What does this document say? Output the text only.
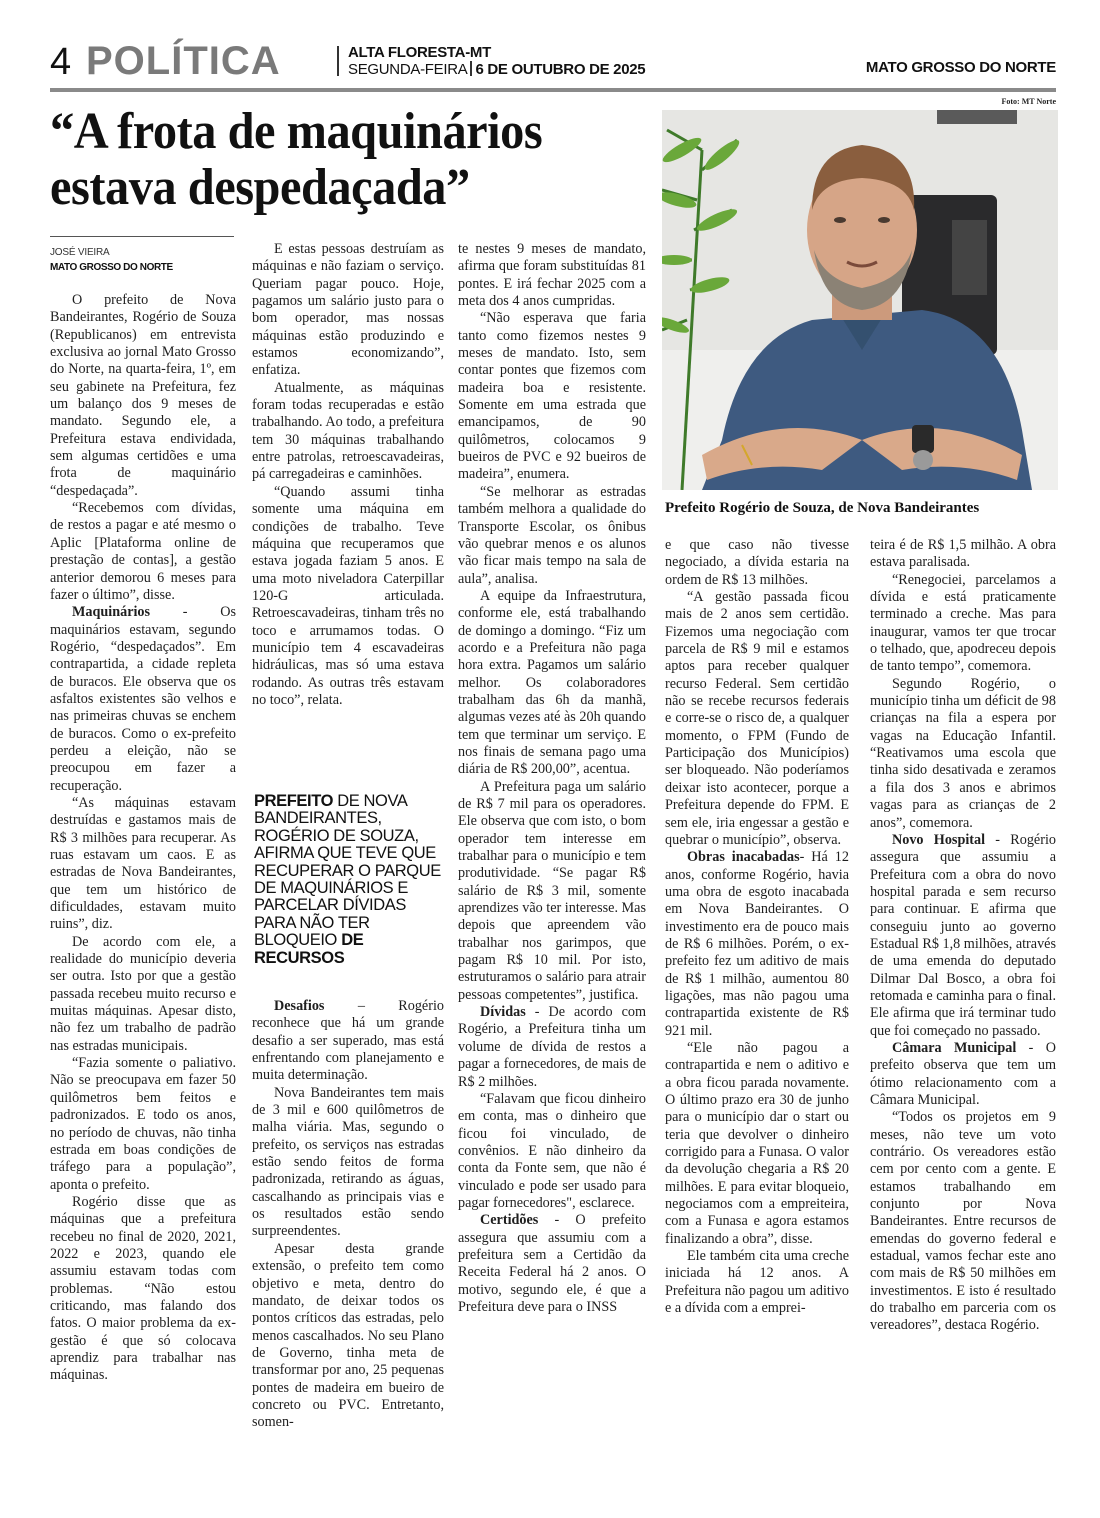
4 POLÍTICA	ALTA FLORESTA-MT
SEGUNDA-FEIRA 6 DE OUTUBRO DE 2025	MATO GROSSO DO NORTE
“A frota de maquinários
estava despedaçada”
Foto: MT Norte
Prefeito Rogério de Souza, de Nova Bandeirantes
JOSÉ VIEIRA
MATO GROSSO DO NORTE

O prefeito de Nova Bandeirantes, Rogério de Souza (Republicanos) em entrevista exclusiva ao jornal Mato Grosso do Norte, na quarta-feira, 1º, em seu gabinete na Prefeitura, fez um balanço dos 9 meses de mandato. Segundo ele, a Prefeitura estava endividada, sem algumas certidões e uma frota de maquinário “despedaçada”.

“Recebemos com dívidas, de restos a pagar e até mesmo o Aplic [Plataforma online de prestação de contas], a gestão anterior demorou 6 meses para fazer o último”, disse.

Maquinários - Os maquinários estavam, segundo Rogério, “despedaçados”. Em contrapartida, a cidade repleta de buracos. Ele observa que os asfaltos existentes são velhos e nas primeiras chuvas se enchem de buracos. Como o ex-prefeito perdeu a eleição, não se preocupou em fazer a recuperação.

“As máquinas estavam destruídas e gastamos mais de R$ 3 milhões para recuperar. As ruas estavam um caos. E as estradas de Nova Bandeirantes, que tem um histórico de dificuldades, estavam muito ruins”, diz.

De acordo com ele, a realidade do município deveria ser outra. Isto por que a gestão passada recebeu muito recurso e muitas máquinas. Apesar disto, não fez um trabalho de padrão nas estradas municipais.

“Fazia somente o paliativo. Não se preocupava em fazer 50 quilômetros bem feitos e padronizados. E todo os anos, no período de chuvas, não tinha estrada em boas condições de tráfego para a população”, aponta o prefeito.

Rogério disse que as máquinas que a prefeitura recebeu no final de 2020, 2021, 2022 e 2023, quando ele assumiu estavam todas com problemas. “Não estou criticando, mas falando dos fatos. O maior problema da ex-gestão é que só colocava aprendiz para trabalhar nas máquinas.

E estas pessoas destruíam as máquinas e não faziam o serviço. Queriam pagar pouco. Hoje, pagamos um salário justo para o bom operador, mas nossas máquinas estão produzindo e estamos economizando”, enfatiza.

Atualmente, as máquinas foram todas recuperadas e estão trabalhando. Ao todo, a prefeitura tem 30 máquinas trabalhando entre patrolas, retroescavadeiras, pá carregadeiras e caminhões.

“Quando assumi tinha somente uma máquina em condições de trabalho. Teve máquina que recuperamos que estava jogada faziam 5 anos. E uma moto niveladora Caterpillar 120-G articulada. Retroescavadeiras, tinham três no toco e arrumamos todas. O município tem 4 escavadeiras hidráulicas, mas só uma estava rodando. As outras três estavam no toco”, relata.

PREFEITO DE NOVA BANDEIRANTES, ROGÉRIO DE SOUZA, AFIRMA QUE TEVE QUE RECUPERAR O PARQUE DE MAQUINÁRIOS E PARCELAR DÍVIDAS PARA NÃO TER BLOQUEIO DE RECURSOS

Desafios – Rogério reconhece que há um grande desafio a ser superado, mas está enfrentando com planejamento e muita determinação.

Nova Bandeirantes tem mais de 3 mil e 600 quilômetros de malha viária. Mas, segundo o prefeito, os serviços nas estradas estão sendo feitos de forma padronizada, retirando as águas, cascalhando as principais vias e os resultados estão sendo surpreendentes.

Apesar desta grande extensão, o prefeito tem como objetivo e meta, dentro do mandato, de deixar todos os pontos críticos das estradas, pelo menos cascalhados. No seu Plano de Governo, tinha meta de transformar por ano, 25 pequenas pontes de madeira em bueiro de concreto ou PVC. Entretanto, somen-

te nestes 9 meses de mandato, afirma que foram substituídas 81 pontes. E irá fechar 2025 com a meta dos 4 anos cumpridas.

“Não esperava que faria tanto como fizemos nestes 9 meses de mandato. Isto, sem contar pontes que fizemos com madeira boa e resistente. Somente em uma estrada que emancipamos, de 90 quilômetros, colocamos 9 bueiros de PVC e 92 bueiros de madeira”, enumera.

“Se melhorar as estradas também melhora a qualidade do Transporte Escolar, os ônibus vão quebrar menos e os alunos vão ficar mais tempo na sala de aula”, analisa.

A equipe da Infraestrutura, conforme ele, está trabalhando de domingo a domingo. “Fiz um acordo e a Prefeitura não paga hora extra. Pagamos um salário melhor. Os colaboradores trabalham das 6h da manhã, algumas vezes até às 20h quando tem que terminar um serviço. E nos finais de semana pago uma diária de R$ 200,00”, acentua.

A Prefeitura paga um salário de R$ 7 mil para os operadores. Ele observa que com isto, o bom operador tem interesse em trabalhar para o município e tem produtividade. “Se pagar R$ salário de R$ 3 mil, somente aprendizes vão ter interesse. Mas depois que apreendem vão trabalhar nos garimpos, que pagam R$ 10 mil. Por isto, estruturamos o salário para atrair pessoas competentes”, justifica.

Dívidas - De acordo com Rogério, a Prefeitura tinha um volume de dívida de restos a pagar a fornecedores, de mais de R$ 2 milhões.

“Falavam que ficou dinheiro em conta, mas o dinheiro que ficou foi vinculado, de convênios. E não dinheiro da conta da Fonte sem, que não é vinculado e pode ser usado para pagar fornecedores", esclarece.

Certidões - O prefeito assegura que assumiu com a prefeitura sem a Certidão da Receita Federal há 2 anos. O motivo, segundo ele, é que a Prefeitura deve para o INSS

e que caso não tivesse negociado, a dívida estaria na ordem de R$ 13 milhões.

“A gestão passada ficou mais de 2 anos sem certidão. Fizemos uma negociação com parcela de R$ 9 mil e estamos aptos para receber qualquer recurso Federal. Sem certidão não se recebe recursos federais e corre-se o risco de, a qualquer momento, o FPM (Fundo de Participação dos Municípios) ser bloqueado. Não poderíamos deixar isto acontecer, porque a Prefeitura depende do FPM. E sem ele, iria engessar a gestão e quebrar o município”, observa.

Obras inacabadas- Há 12 anos, conforme Rogério, havia uma obra de esgoto inacabada em Nova Bandeirantes. O investimento era de pouco mais de R$ 6 milhões. Porém, o ex-prefeito fez um aditivo de mais de R$ 1 milhão, aumentou 80 ligações, mas não pagou uma contrapartida existente de R$ 921 mil.

“Ele não pagou a contrapartida e nem o aditivo e a obra ficou parada novamente. O último prazo era 30 de junho para o município dar o start ou teria que devolver o dinheiro corrigido para a Funasa. O valor da devolução chegaria a R$ 20 milhões. E para evitar bloqueio, negociamos com a empreiteira, com a Funasa e agora estamos finalizando a obra”, disse.

Ele também cita uma creche iniciada há 12 anos. A Prefeitura não pagou um aditivo e a dívida com a emprei-

teira é de R$ 1,5 milhão. A obra estava paralisada.

“Renegociei, parcelamos a dívida e está praticamente terminado a creche. Mas para inaugurar, vamos ter que trocar o telhado, que, apodreceu depois de tanto tempo”, comemora.

Segundo Rogério, o município tinha um déficit de 98 crianças na fila a espera por vagas na Educação Infantil. “Reativamos uma escola que tinha sido desativada e zeramos a fila dos 3 anos e abrimos vagas para as crianças de 2 anos”, comemora.

Novo Hospital - Rogério assegura que assumiu a Prefeitura com a obra do novo hospital parada e sem recurso para continuar. E afirma que conseguiu junto ao governo Estadual R$ 1,8 milhões, através de uma emenda do deputado Dilmar Dal Bosco, a obra foi retomada e caminha para o final. Ele afirma que irá terminar tudo que foi começado no passado.

Câmara Municipal - O prefeito observa que tem um ótimo relacionamento com a Câmara Municipal.

“Todos os projetos em 9 meses, não teve um voto contrário. Os vereadores estão cem por cento com a gente. E estamos trabalhando em conjunto por Nova Bandeirantes. Entre recursos de emendas do governo federal e estadual, vamos fechar este ano com mais de R$ 50 milhões em investimentos. E isto é resultado do trabalho em parceria com os vereadores”, destaca Rogério.
